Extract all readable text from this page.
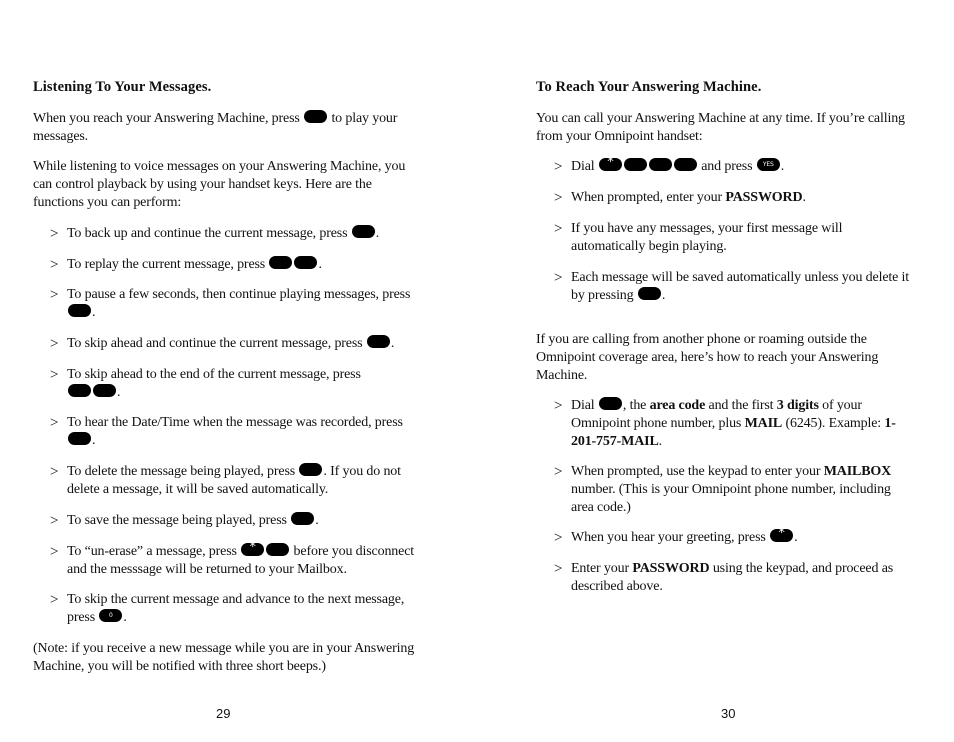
Listening To Your Messages.
When you reach your Answering Machine, press to play your messages.
While listening to voice messages on your Answering Machine, you can control playback by using your handset keys. Here are the functions you can perform:
> To back up and continue the current message, press .
> To replay the current message, press	.
> To pause a few seconds, then continue playing messages, press .
> To skip ahead and continue the current message, press .
> To skip ahead to the end of the current message, press .
> To hear the Date/Time when the message was recorded, press .
> To delete the message being played, press . If you do not delete a message, it will be saved automatically.
> To save the message being played, press .
> To “un-erase” a message, press *	before you disconnect and the messsage will be returned to your Mailbox.
> To skip the current message and advance to the next message, press	0 .
(Note: if you receive a new message while you are in your Answering Machine, you will be notified with three short beeps.)
29
To Reach Your Answering Machine.
You can call your Answering Machine at any time. If you’re calling from your Omnipoint handset:
> Dial *	and press	YES .
> When prompted, enter your PASSWORD.
> If you have any messages, your first message will automatically begin playing.
> Each message will be saved automatically unless you delete it by pressing .
If you are calling from another phone or roaming outside the Omnipoint coverage area, here’s how to reach your Answering Machine.
> Dial , the area code and the first 3 digits of your Omnipoint phone number, plus MAIL (6245). Example: 1-201-757-MAIL.
> When prompted, use the keypad to enter your MAILBOX number. (This is your Omnipoint phone number, including area code.)
> When you hear your greeting, press * .
> Enter your PASSWORD using the keypad, and proceed as described above.
30
